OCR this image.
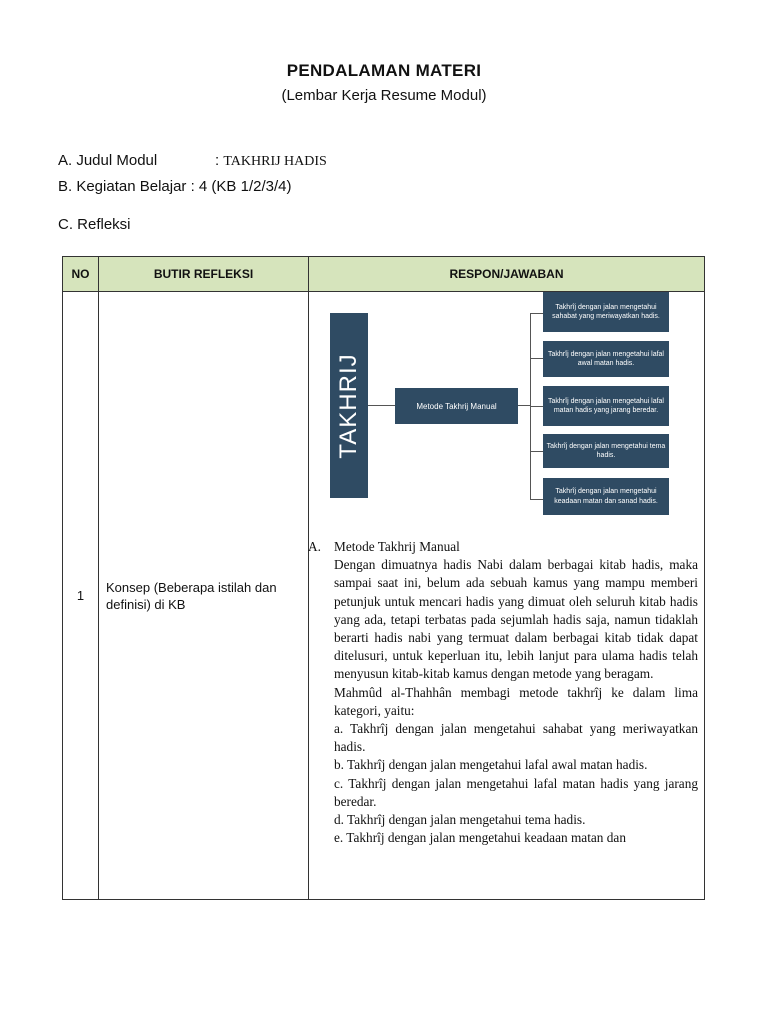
PENDALAMAN MATERI
(Lembar Kerja Resume Modul)
A. Judul Modul	: TAKHRIJ HADIS
B. Kegiatan Belajar : 4 (KB 1/2/3/4)
C. Refleksi
NO	BUTIR REFLEKSI	RESPON/JAWABAN
1
Konsep (Beberapa istilah dan definisi) di KB
TAKHRIJ	Metode Takhrij Manual
Takhrîj dengan jalan mengetahui sahabat yang meriwayatkan hadis.
Takhrîj dengan jalan mengetahui lafal awal matan hadis.
Takhrîj dengan jalan mengetahui lafal matan hadis yang jarang beredar.
Takhrîj dengan jalan mengetahui tema hadis.
Takhrîj dengan jalan mengetahui keadaan matan dan sanad hadis.
A. Metode Takhrij Manual

Dengan dimuatnya hadis Nabi dalam berbagai kitab hadis, maka sampai saat ini, belum ada sebuah kamus yang mampu memberi petunjuk untuk mencari hadis yang dimuat oleh seluruh kitab hadis yang ada, tetapi terbatas pada sejumlah hadis saja, namun tidaklah berarti hadis nabi yang termuat dalam berbagai kitab tidak dapat ditelusuri, untuk keperluan itu, lebih lanjut para ulama hadis telah menyusun kitab-kitab kamus dengan metode yang beragam.

Mahmûd al-Thahhân membagi metode takhrîj ke dalam lima kategori, yaitu:

a. Takhrîj dengan jalan mengetahui sahabat yang meriwayatkan hadis.

b. Takhrîj dengan jalan mengetahui lafal awal matan hadis.

c. Takhrîj dengan jalan mengetahui lafal matan hadis yang jarang beredar.

d. Takhrîj dengan jalan mengetahui tema hadis.

e. Takhrîj dengan jalan mengetahui keadaan matan dan
